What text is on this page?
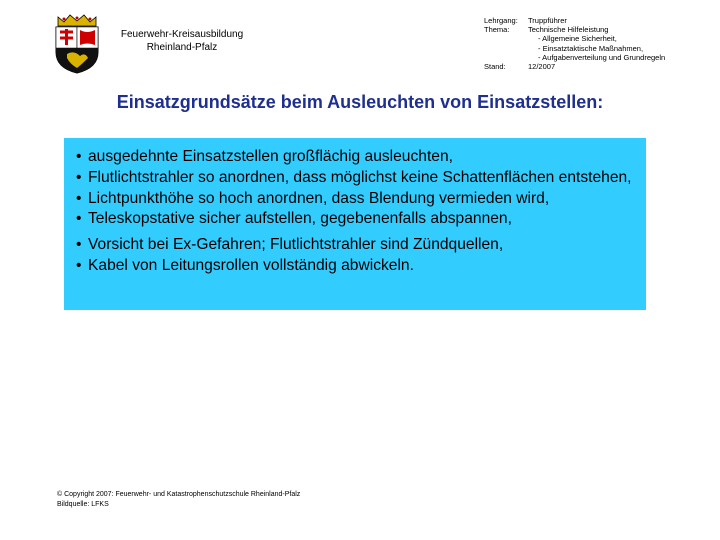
Feuerwehr-Kreisausbildung
Rheinland-Pfalz
Lehrgang:	Truppführer
Thema:	Technische Hilfeleistung
- Allgemeine Sicherheit,
- Einsatztaktische Maßnahmen,
- Aufgabenverteilung und Grundregeln
Stand:	12/2007
Einsatzgrundsätze beim Ausleuchten von Einsatzstellen:
• ausgedehnte Einsatzstellen großflächig ausleuchten,
• Flutlichtstrahler so anordnen, dass möglichst keine Schattenflächen entstehen,
• Lichtpunkthöhe so hoch anordnen, dass Blendung vermieden wird,
• Teleskopstative sicher aufstellen, gegebenenfalls abspannen,
• Vorsicht bei Ex-Gefahren; Flutlichtstrahler sind Zündquellen,
• Kabel von Leitungsrollen vollständig abwickeln.
© Copyright 2007: Feuerwehr- und Katastrophenschutzschule Rheinland-Pfalz
Bildquelle: LFKS
